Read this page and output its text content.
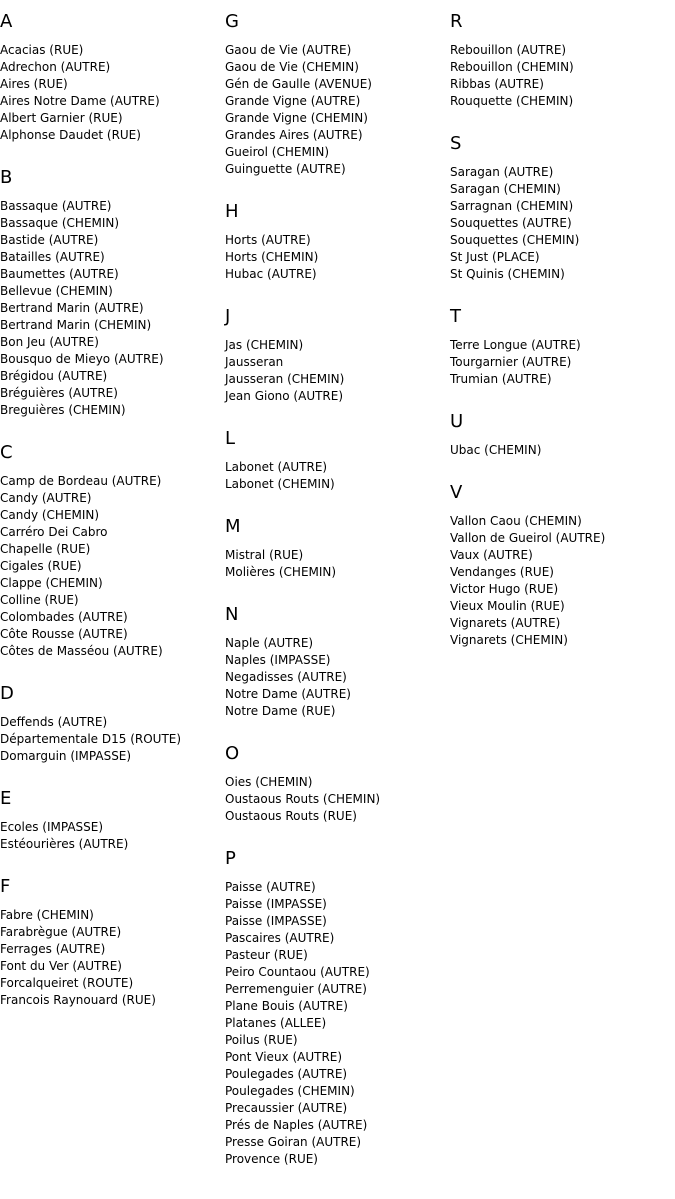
A
Acacias (RUE)
Adrechon (AUTRE)
Aires (RUE)
Aires Notre Dame (AUTRE)
Albert Garnier (RUE)
Alphonse Daudet (RUE)
B
Bassaque (AUTRE)
Bassaque (CHEMIN)
Bastide (AUTRE)
Batailles (AUTRE)
Baumettes (AUTRE)
Bellevue (CHEMIN)
Bertrand Marin (AUTRE)
Bertrand Marin (CHEMIN)
Bon Jeu (AUTRE)
Bousquo de Mieyo (AUTRE)
Brégidou (AUTRE)
Bréguières (AUTRE)
Breguières (CHEMIN)
C
Camp de Bordeau (AUTRE)
Candy (AUTRE)
Candy (CHEMIN)
Carréro Dei Cabro
Chapelle (RUE)
Cigales (RUE)
Clappe (CHEMIN)
Colline (RUE)
Colombades (AUTRE)
Côte Rousse (AUTRE)
Côtes de Masséou (AUTRE)
D
Deffends (AUTRE)
Départementale D15 (ROUTE)
Domarguin (IMPASSE)
E
Ecoles (IMPASSE)
Estéourières (AUTRE)
F
Fabre (CHEMIN)
Farabrègue (AUTRE)
Ferrages (AUTRE)
Font du Ver (AUTRE)
Forcalqueiret (ROUTE)
Francois Raynouard (RUE)
G
Gaou de Vie (AUTRE)
Gaou de Vie (CHEMIN)
Gén de Gaulle (AVENUE)
Grande Vigne (AUTRE)
Grande Vigne (CHEMIN)
Grandes Aires (AUTRE)
Gueirol (CHEMIN)
Guinguette (AUTRE)
H
Horts (AUTRE)
Horts (CHEMIN)
Hubac (AUTRE)
J
Jas (CHEMIN)
Jausseran
Jausseran (CHEMIN)
Jean Giono (AUTRE)
L
Labonet (AUTRE)
Labonet (CHEMIN)
M
Mistral (RUE)
Molières (CHEMIN)
N
Naple (AUTRE)
Naples (IMPASSE)
Negadisses (AUTRE)
Notre Dame (AUTRE)
Notre Dame (RUE)
O
Oies (CHEMIN)
Oustaous Routs (CHEMIN)
Oustaous Routs (RUE)
P
Paisse (AUTRE)
Paisse (IMPASSE)
Paisse (IMPASSE)
Pascaires (AUTRE)
Pasteur (RUE)
Peiro Countaou (AUTRE)
Perremenguier (AUTRE)
Plane Bouis (AUTRE)
Platanes (ALLEE)
Poilus (RUE)
Pont Vieux (AUTRE)
Poulegades (AUTRE)
Poulegades (CHEMIN)
Precaussier (AUTRE)
Prés de Naples (AUTRE)
Presse Goiran (AUTRE)
Provence (RUE)
R
Rebouillon (AUTRE)
Rebouillon (CHEMIN)
Ribbas (AUTRE)
Rouquette (CHEMIN)
S
Saragan (AUTRE)
Saragan (CHEMIN)
Sarragnan (CHEMIN)
Souquettes (AUTRE)
Souquettes (CHEMIN)
St Just (PLACE)
St Quinis (CHEMIN)
T
Terre Longue (AUTRE)
Tourgarnier (AUTRE)
Trumian (AUTRE)
U
Ubac (CHEMIN)
V
Vallon Caou (CHEMIN)
Vallon de Gueirol (AUTRE)
Vaux (AUTRE)
Vendanges (RUE)
Victor Hugo (RUE)
Vieux Moulin (RUE)
Vignarets (AUTRE)
Vignarets (CHEMIN)
